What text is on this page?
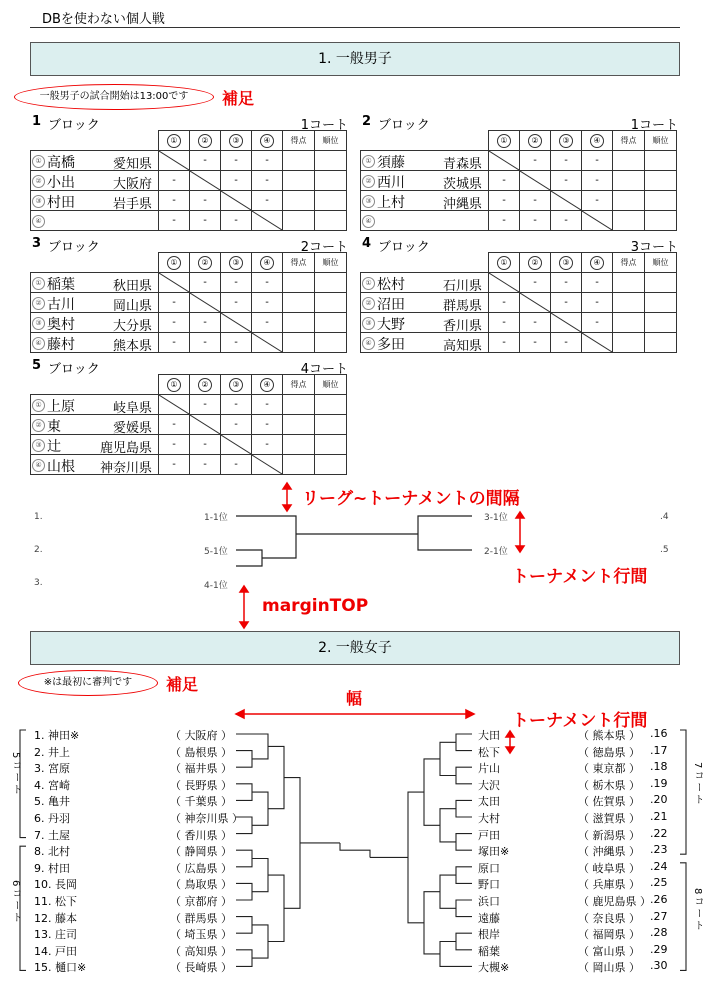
DBを使わない個人戦
1. 一般男子
一般男子の試合開始は13:00です	補足
1 ブロック	1コート
	①	②	③	④	得点	順位

① 高橋 愛知県		-	-	-		

② 小出 大阪府	-		-	-		

③ 村田 岩手県	-	-		-		

④	-	-	-	

2 ブロック	1コート
	①	②	③	④	得点	順位

① 須藤 青森県		-	-	-		

② 西川 茨城県	-		-	-		

③ 上村 沖縄県	-	-		-		

④	-	-	-	

3 ブロック	2コート
	①	②	③	④	得点	順位

① 稲葉 秋田県		-	-	-		

② 古川 岡山県	-		-	-		

③ 奥村 大分県	-	-		-		

④ 藤村 熊本県	-	-	-	

4 ブロック	3コート
	①	②	③	④	得点	順位

① 松村 石川県		-	-	-		

② 沼田 群馬県	-		-	-		

③ 大野 香川県	-	-		-		

④ 多田 高知県	-	-	-	

5 ブロック	4コート
	①	②	③	④	得点	順位

① 上原 岐阜県		-	-	-		

② 東 愛媛県	-		-	-		

③ 辻 鹿児島県	-	-		-		

④ 山根 神奈川県	-	-	-	

1.
2.
3.
1-1位
5-1位
4-1位
3-1位
2-1位
.4
.5
リーグ~トーナメントの間隔
トーナメント行間
marginTOP
2. 一般女子
※は最初に審判です	補足
幅
トーナメント行間
1. 神田※	（ 大阪府 ）
2. 井上	（ 島根県 ）
3. 宮原	（ 福井県 ）
4. 宮崎	（ 長野県 ）
5. 亀井	（ 千葉県 ）
6. 丹羽	（ 神奈川県 ）
7. 土屋	（ 香川県 ）
8. 北村	（ 静岡県 ）
9. 村田	（ 広島県 ）
10. 長岡	（ 鳥取県 ）
11. 松下	（ 京都府 ）
12. 藤本	（ 群馬県 ）
13. 庄司	（ 埼玉県 ）
14. 戸田	（ 高知県 ）
15. 樋口※	（ 長崎県 ）
大田	（ 熊本県 ） .16
松下	（ 徳島県 ） .17
片山	（ 東京都 ） .18
大沢	（ 栃木県 ） .19
太田	（ 佐賀県 ） .20
大村	（ 滋賀県 ） .21
戸田	（ 新潟県 ） .22
塚田※	（ 沖縄県 ） .23
原口	（ 岐阜県 ） .24
野口	（ 兵庫県 ） .25
浜口	（ 鹿児島県 ） .26
遠藤	（ 奈良県 ） .27
根岸	（ 福岡県 ） .28
稲葉	（ 富山県 ） .29
大槻※	（ 岡山県 ） .30
5コート
6コート
7コート
8コート
